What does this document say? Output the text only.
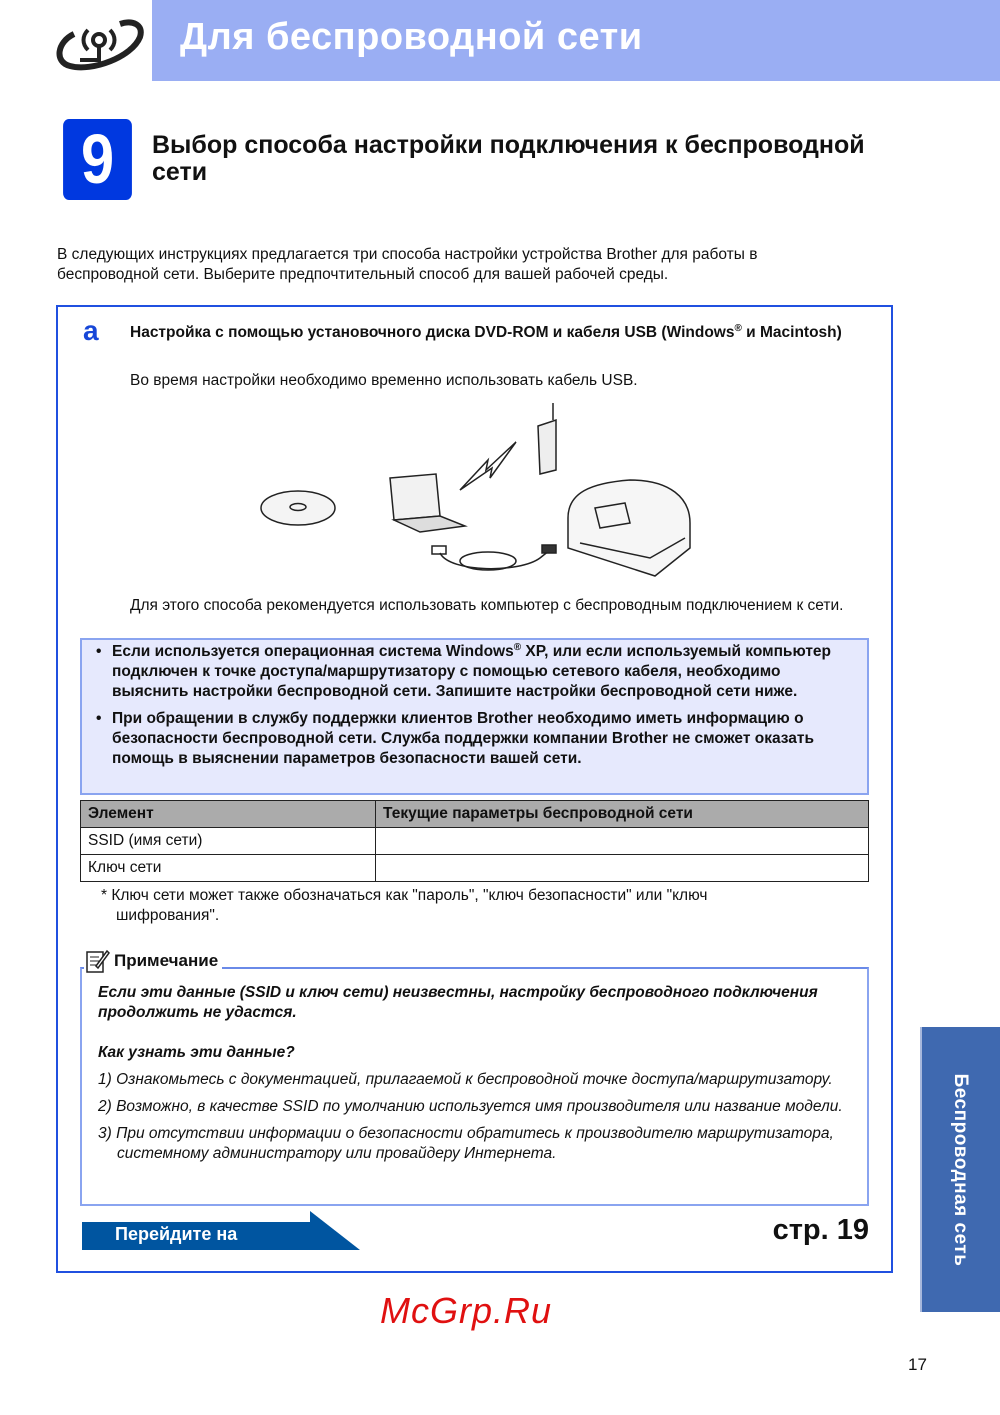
Для беспроводной сети
9	Выбор способа настройки подключения к беспроводной сети
В следующих инструкциях предлагается три способа настройки устройства Brother для работы в беспроводной сети. Выберите предпочтительный способ для вашей рабочей среды.
a Настройка с помощью установочного диска DVD-ROM и кабеля USB (Windows® и Macintosh)
Во время настройки необходимо временно использовать кабель USB.
Для этого способа рекомендуется использовать компьютер с беспроводным подключением к сети.
• Если используется операционная система Windows® XP, или если используемый компьютер подключен к точке доступа/маршрутизатору с помощью сетевого кабеля, необходимо выяснить настройки беспроводной сети. Запишите настройки беспроводной сети ниже.
• При обращении в службу поддержки клиентов Brother необходимо иметь информацию о безопасности беспроводной сети. Служба поддержки компании Brother не сможет оказать помощь в выяснении параметров безопасности вашей сети.
Элемент	Текущие параметры беспроводной сети
SSID (имя сети)	
Ключ сети	
* Ключ сети может также обозначаться как "пароль", "ключ безопасности" или "ключ шифрования".
Примечание

Если эти данные (SSID и ключ сети) неизвестны, настройку беспроводного подключения продолжить не удастся.

Как узнать эти данные?

1) Ознакомьтесь с документацией, прилагаемой к беспроводной точке доступа/маршрутизатору.

2) Возможно, в качестве SSID по умолчанию используется имя производителя или название модели.

3) При отсутствии информации о безопасности обратитесь к производителю маршрутизатора, системному администратору или провайдеру Интернета.

Перейдите на	стр. 19
McGrp.Ru
Беспроводная сеть
17
